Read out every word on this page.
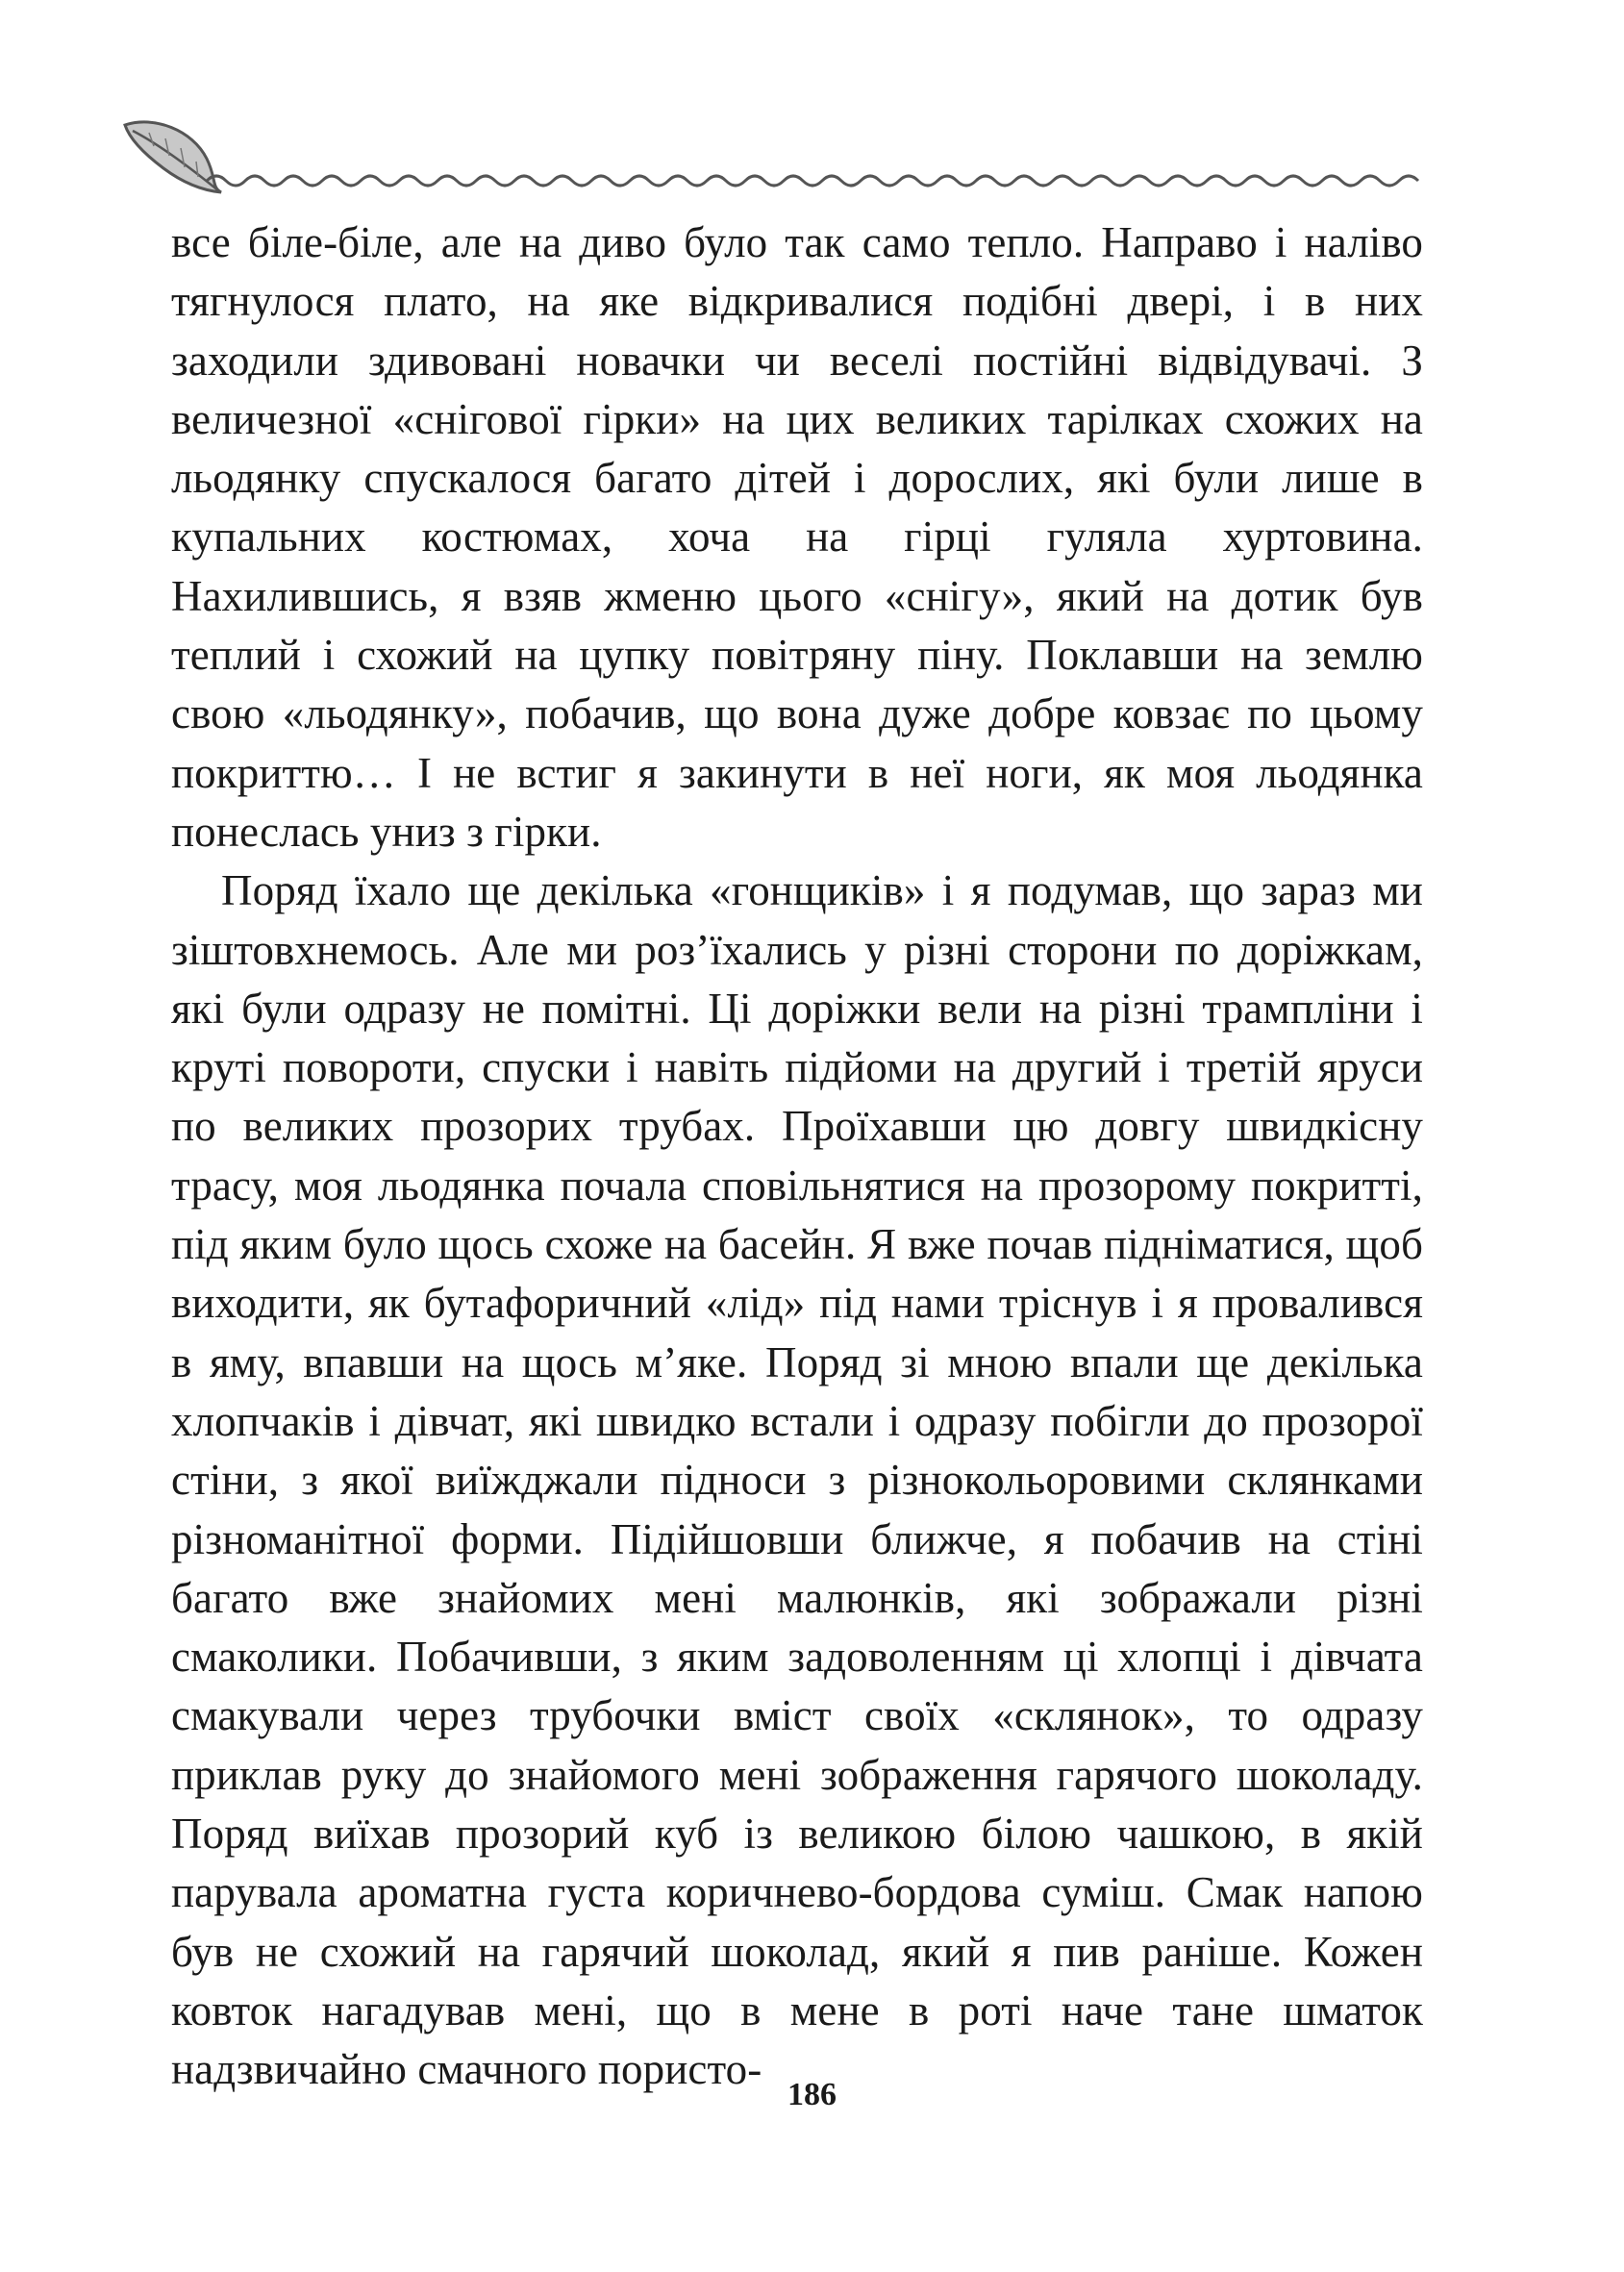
все біле-біле, але на диво було так само тепло. Направо і наліво тягнулося плато, на яке відкривалися подібні двері, і в них заходили здивовані новачки чи веселі постійні відвідувачі. З величезної «снігової гірки» на цих великих тарілках схожих на льодянку спускалося багато дітей і дорослих, які були лише в купальних костюмах, хоча на гірці гуляла хуртовина. Нахилившись, я взяв жменю цього «снігу», який на дотик був теплий і схожий на цупку повітряну піну. Поклавши на землю свою «льодянку», побачив, що вона дуже добре ковзає по цьому покриттю… І не встиг я закинути в неї ноги, як моя льодянка понеслась униз з гірки.

Поряд їхало ще декілька «гонщиків» і я подумав, що зараз ми зіштовхнемось. Але ми роз’їхались у різні сторони по доріжкам, які були одразу не помітні. Ці доріжки вели на різні трампліни і круті повороти, спуски і навіть підйоми на другий і третій яруси по великих прозорих трубах. Проїхавши цю довгу швидкісну трасу, моя льодянка почала сповільнятися на прозорому покритті, під яким було щось схоже на басейн. Я вже почав підніматися, щоб виходити, як бутафоричний «лід» під нами тріснув і я провалився в яму, впавши на щось м’яке. Поряд зі мною впали ще декілька хлопчаків і дівчат, які швидко встали і одразу побігли до прозорої стіни, з якої виїжджали підноси з різнокольоровими склянками різноманітної форми. Підійшовши ближче, я побачив на стіні багато вже знайомих мені малюнків, які зображали різні смаколики. Побачивши, з яким задоволенням ці хлопці і дівчата смакували через трубочки вміст своїх «склянок», то одразу приклав руку до знайомого мені зображення гарячого шоколаду. Поряд виїхав прозорий куб із великою білою чашкою, в якій парувала ароматна густа коричнево-бордова суміш. Смак напою був не схожий на гарячий шоколад, який я пив раніше. Кожен ковток нагадував мені, що в мене в роті наче тане шматок надзвичайно смачного пористо-

186
